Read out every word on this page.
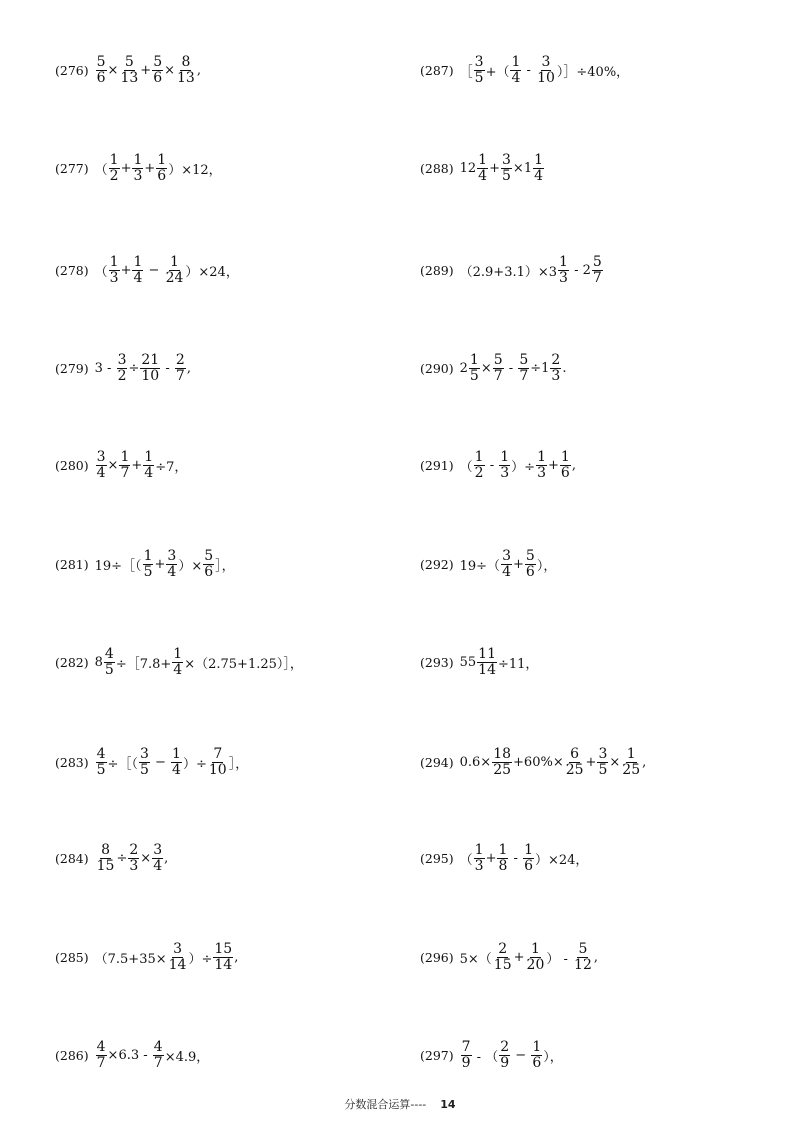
$(276) \frac{5}{6} \times \frac{5}{13} + \frac{5}{6} \times \frac{8}{13}$ ,
(277) （ $\frac{1}{2} + \frac{1}{3} + \frac{1}{6} )\times 12$，
(278) （ $\frac{1}{3} + \frac{1}{4} - \frac{1}{24} )\times 24$，
(279) $3 - \frac{3}{2} \div \frac{21}{10} - \frac{2}{7}$ ,
$(280) \frac{3}{4} \times \frac{1}{7} + \frac{1}{4} \div 7$，
(281) 19÷［（ $\frac{1}{5} + \frac{3}{4}$ ）× $\frac{5}{6}$ ］，
(282) $8 \frac{4}{5}$ ÷［7.8+ $\frac{1}{4}$ ×（2.75+1.25）］，
$(283) \frac{4}{5}$ ÷［（ $\frac{3}{5} - \frac{1}{4}$ ）÷ $\frac{7}{10}$ ］，
$(284) \frac{8}{15} \div \frac{2}{3} \times \frac{3}{4}$ ,
(285) （$7.5+35\times \frac{3}{14}$ ）÷ $\frac{15}{14}$ ,
$(286) \frac{4}{7} \times 6.3 - \frac{4}{7} \times 4.9$，
(287) ［ $\frac{3}{5}$ +（ $\frac{1}{4} - \frac{3}{10}$ ）］÷40%，
(288) $12 \frac{1}{4} + \frac{3}{5} \times 1 \frac{1}{4}$
(289) $(2.9+3.1)\times 3 \frac{1}{3} - 2 \frac{5}{7}$
(290) $2 \frac{1}{5} \times \frac{5}{7} - \frac{5}{7} \div 1 \frac{2}{3}$ .
(291) （ $\frac{1}{2} - \frac{1}{3}$ ）÷ $\frac{1}{3} + \frac{1}{6}$ ,
(292) $19\div( \frac{3}{4} + \frac{5}{6}$ ），
(293) $55 \frac{11}{14} \div 11$，
(294) $0.6\times \frac{18}{25} +60\%\times \frac{6}{25} + \frac{3}{5} \times \frac{1}{25}$ ,
(295) （ $\frac{1}{3} + \frac{1}{8} - \frac{1}{6} )\times 24$，
(296) $5\times( \frac{2}{15} + \frac{1}{20}$ ） - $\frac{5}{12}$ ,
$(297) \frac{7}{9}$ - （ $\frac{2}{9} - \frac{1}{6}$ ），
分数混合运算---- 14
